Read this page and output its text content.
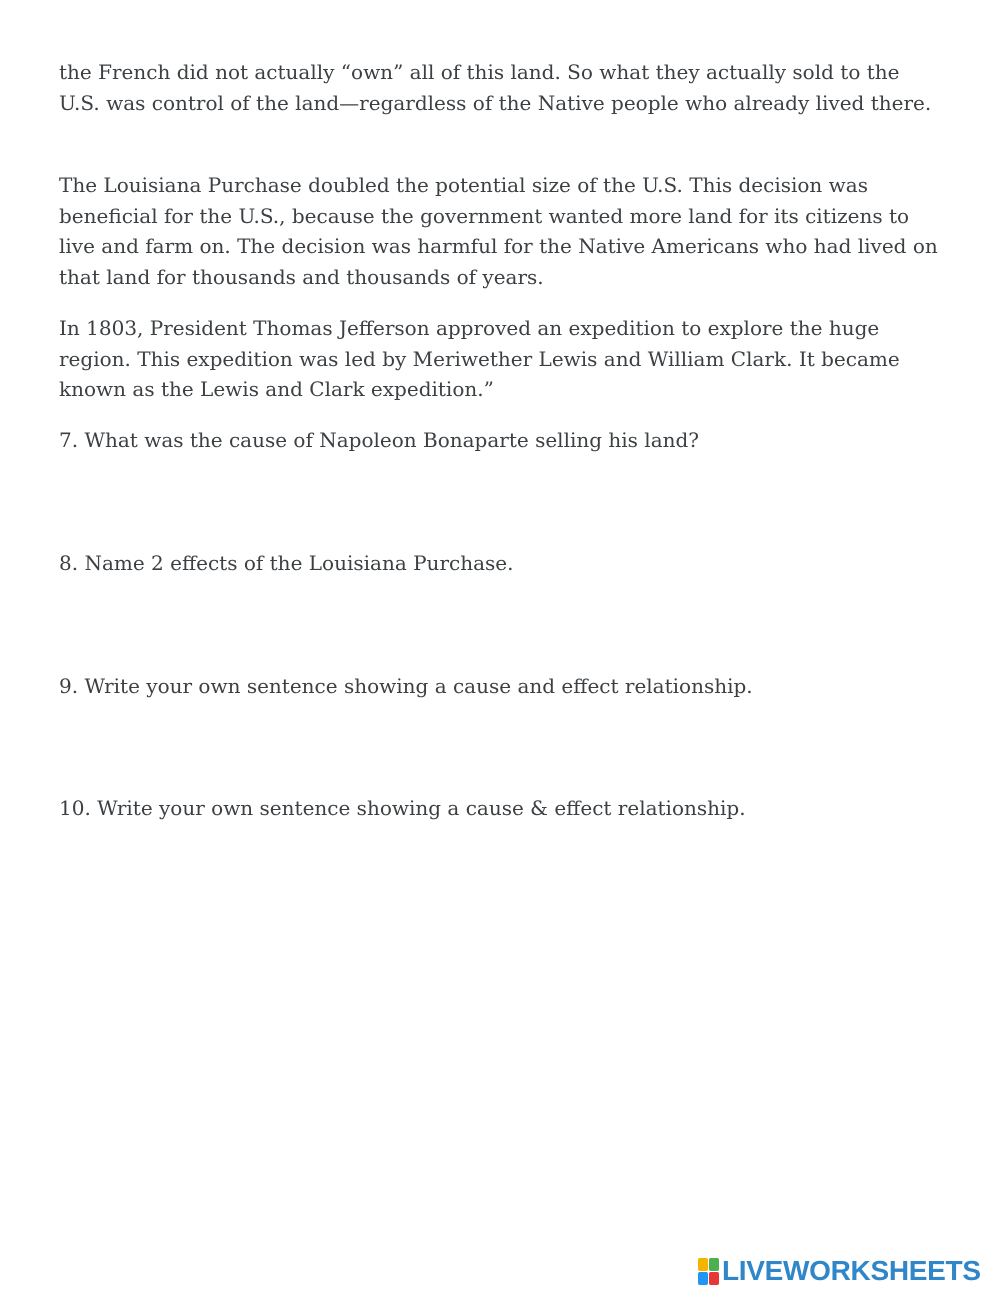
the French did not actually “own” all of this land. So what they actually sold to the U.S. was control of the land—regardless of the Native people who already lived there.

The Louisiana Purchase doubled the potential size of the U.S. This decision was beneficial for the U.S., because the government wanted more land for its citizens to live and farm on. The decision was harmful for the Native Americans who had lived on that land for thousands and thousands of years.

In 1803, President Thomas Jefferson approved an expedition to explore the huge region. This expedition was led by Meriwether Lewis and William Clark. It became known as the Lewis and Clark expedition.”

7. What was the cause of Napoleon Bonaparte selling his land?

8. Name 2 effects of the Louisiana Purchase.

9. Write your own sentence showing a cause and effect relationship.

10. Write your own sentence showing a cause & effect relationship.

LIVEWORKSHEETS
